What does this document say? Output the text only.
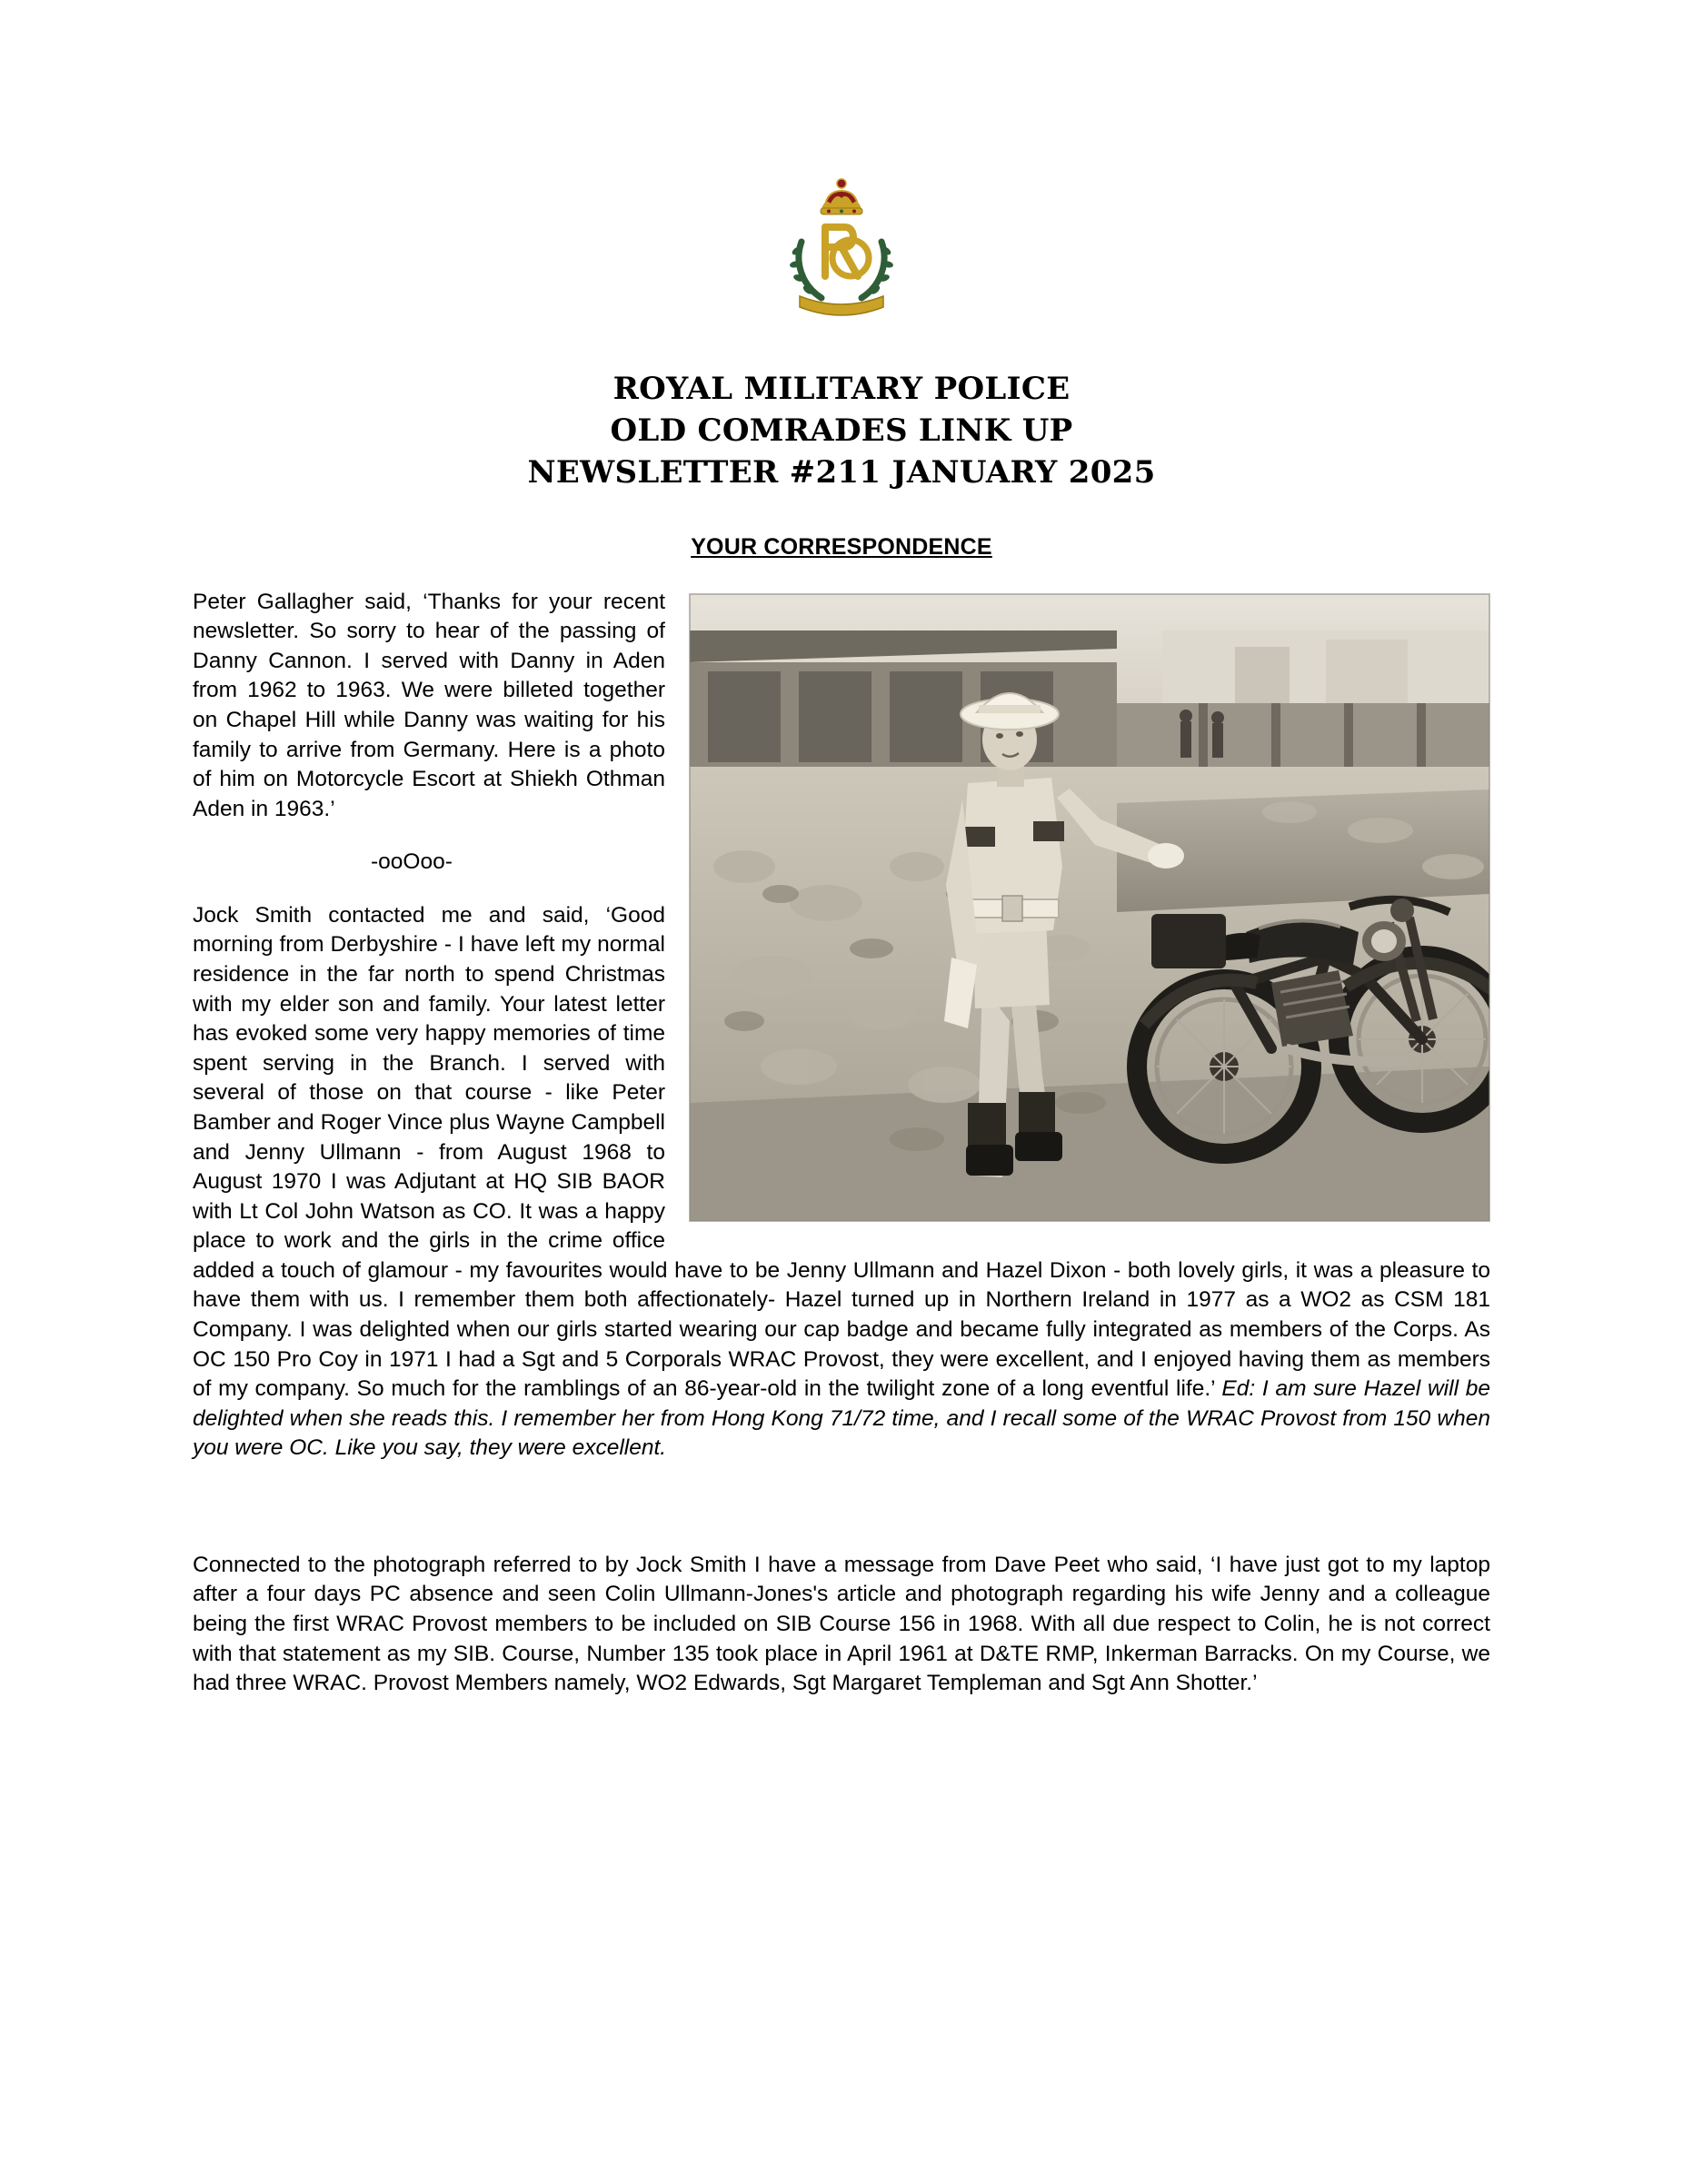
ROYAL MILITARY POLICE
OLD COMRADES LINK UP
NEWSLETTER #211 JANUARY 2025
YOUR CORRESPONDENCE

Peter Gallagher said, ‘Thanks for your recent newsletter. So sorry to hear of the passing of Danny Cannon. I served with Danny in Aden from 1962 to 1963. We were billeted together on Chapel Hill while Danny was waiting for his family to arrive from Germany. Here is a photo of him on Motorcycle Escort at Shiekh Othman Aden in 1963.’

-ooOoo-

Jock Smith contacted me and said, ‘Good morning from Derbyshire - I have left my normal residence in the far north to spend Christmas with my elder son and family. Your latest letter has evoked some very happy memories of time spent serving in the Branch. I served with several of those on that course - like Peter Bamber and Roger Vince plus Wayne Campbell and Jenny Ullmann - from August 1968 to August 1970 I was Adjutant at HQ SIB BAOR with Lt Col John Watson as CO. It was a happy place to work and the girls in the crime office added a touch of glamour - my favourites would have to be Jenny Ullmann and Hazel Dixon - both lovely girls, it was a pleasure to have them with us. I remember them both affectionately- Hazel turned up in Northern Ireland in 1977 as a WO2 as CSM 181 Company. I was delighted when our girls started wearing our cap badge and became fully integrated as members of the Corps. As OC 150 Pro Coy in 1971 I had a Sgt and 5 Corporals WRAC Provost, they were excellent, and I enjoyed having them as members of my company. So much for the ramblings of an 86-year-old in the twilight zone of a long eventful life.’ Ed: I am sure Hazel will be delighted when she reads this. I remember her from Hong Kong 71/72 time, and I recall some of the WRAC Provost from 150 when you were OC. Like you say, they were excellent.

Connected to the photograph referred to by Jock Smith I have a message from Dave Peet who said, ‘I have just got to my laptop after a four days PC absence and seen Colin Ullmann-Jones's article and photograph regarding his wife Jenny and a colleague being the first WRAC Provost members to be included on SIB Course 156 in 1968. With all due respect to Colin, he is not correct with that statement as my SIB. Course, Number 135 took place in April 1961 at D&TE RMP, Inkerman Barracks. On my Course, we had three WRAC. Provost Members namely, WO2 Edwards, Sgt Margaret Templeman and Sgt Ann Shotter.’
